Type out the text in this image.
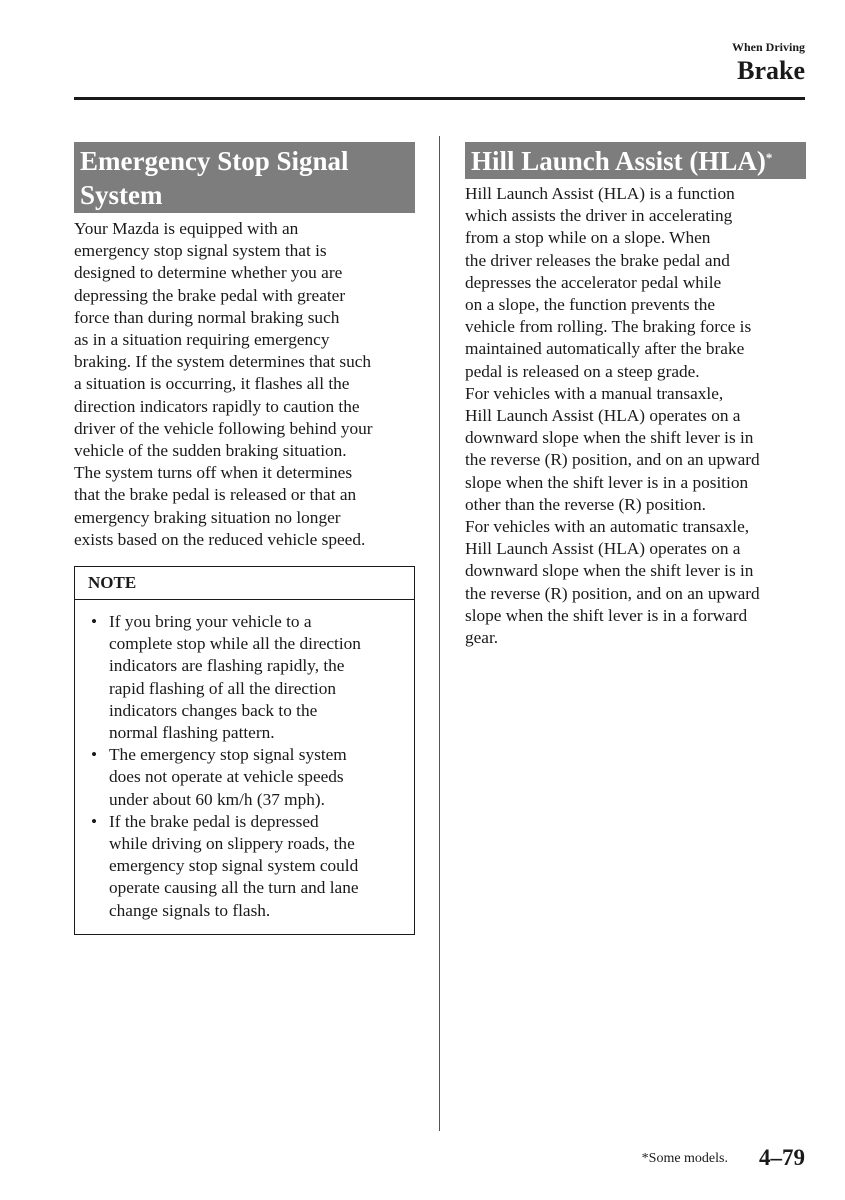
When Driving
Brake
Emergency Stop Signal
System

Your Mazda is equipped with an
emergency stop signal system that is
designed to determine whether you are
depressing the brake pedal with greater
force than during normal braking such
as in a situation requiring emergency
braking. If the system determines that such
a situation is occurring, it flashes all the
direction indicators rapidly to caution the
driver of the vehicle following behind your
vehicle of the sudden braking situation.
The system turns off when it determines
that the brake pedal is released or that an
emergency braking situation no longer
exists based on the reduced vehicle speed.

NOTE
• If you bring your vehicle to a
complete stop while all the direction
indicators are flashing rapidly, the
rapid flashing of all the direction
indicators changes back to the
normal flashing pattern.
• The emergency stop signal system
does not operate at vehicle speeds
under about 60 km/h (37 mph).
• If the brake pedal is depressed
while driving on slippery roads, the
emergency stop signal system could
operate causing all the turn and lane
change signals to flash.
Hill Launch Assist (HLA)*

Hill Launch Assist (HLA) is a function
which assists the driver in accelerating
from a stop while on a slope. When
the driver releases the brake pedal and
depresses the accelerator pedal while
on a slope, the function prevents the
vehicle from rolling. The braking force is
maintained automatically after the brake
pedal is released on a steep grade.

For vehicles with a manual transaxle,
Hill Launch Assist (HLA) operates on a
downward slope when the shift lever is in
the reverse (R) position, and on an upward
slope when the shift lever is in a position
other than the reverse (R) position.

For vehicles with an automatic transaxle,
Hill Launch Assist (HLA) operates on a
downward slope when the shift lever is in
the reverse (R) position, and on an upward
slope when the shift lever is in a forward
gear.

*Some models. 4–79
